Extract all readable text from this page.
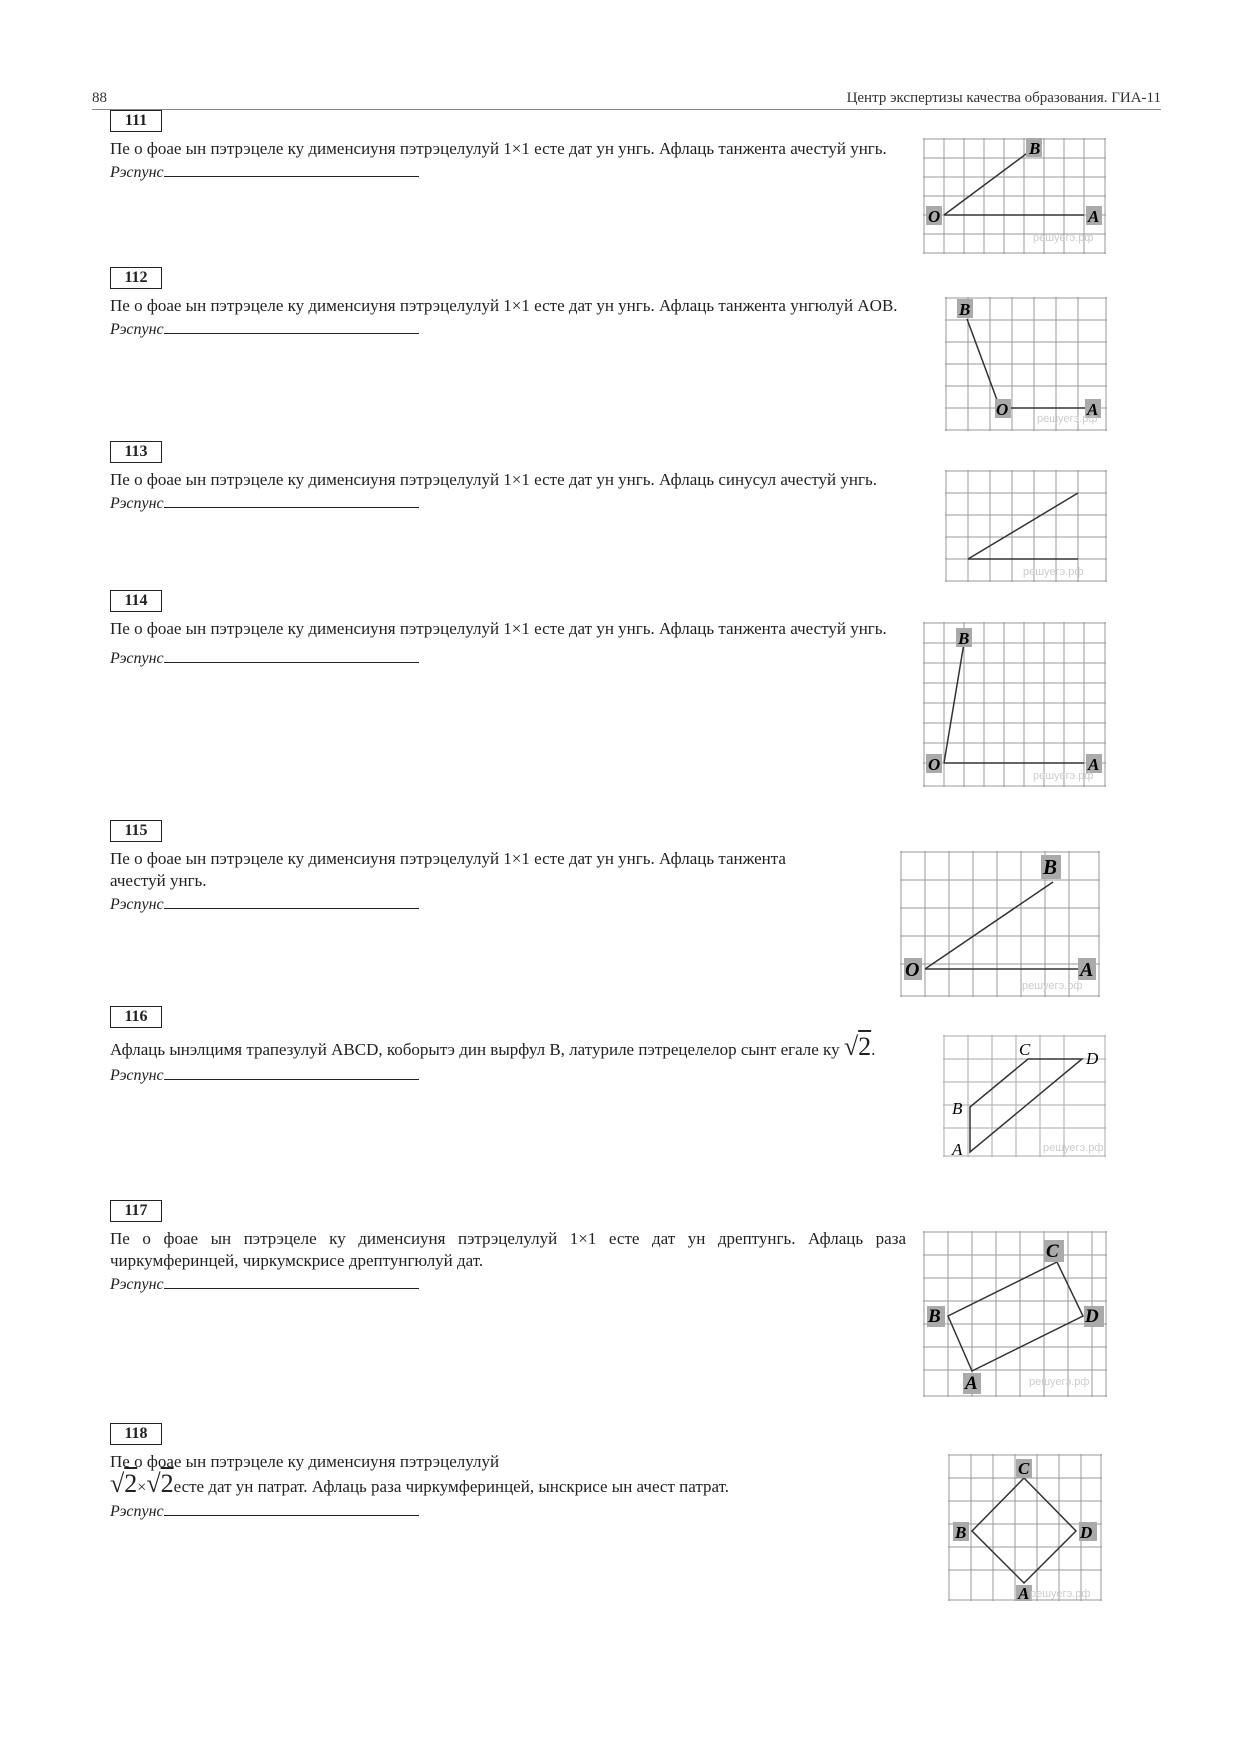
88	Центр экспертизы качества образования. ГИА-11
111
Пе о фоае ын пэтрэцеле ку димeнсиуня пэтрэцелулуй 1×1 есте дат ун унгь. Афлаць танжента ачестуй унгь.
Рэспунс
B
O	A
решуегэ.рф
112
Пе о фоае ын пэтрэцеле ку димeнсиуня пэтрэцелулуй 1×1 есте дат ун унгь. Афлаць танжента унгюлуй AOB.
Рэспунс
B
O	A
решуегэ.рф
113
Пе о фоае ын пэтрэцеле ку димeнсиуня пэтрэцелулуй 1×1 есте дат ун унгь. Афлаць синусул ачестуй унгь.
Рэспунс
решуегэ.рф
114
Пе о фоае ын пэтрэцеле ку димeнсиуня пэтрэцелулуй 1×1 есте дат ун унгь. Афлаць танжента ачестуй унгь.
Рэспунс
B
O	A
решуегэ.рф
115
Пе о фоае ын пэтрэцеле ку димeнсиуня пэтрэцелулуй 1×1 есте дат ун унгь. Афлаць танжента ачестуй унгь.
Рэспунс
B
O	A
решуегэ.рф
116
Афлаць ынэлцимя трапезулуй ABCD, коборытэ дин вырфул B, латуриле пэтрецелелор сынт егале ку √2.
Рэспунс
C	D
B
A	решуегэ.рф
117
Пе о фоае ын пэтрэцеле ку димeнсиуня пэтрэцелулуй 1×1 есте дат ун дрептунгь. Афлаць раза чиркумферинцей, чиркумскрисе дрептунгюлуй дат.
Рэспунс
C
B	D
A	решуегэ.рф
118
Пе о фоае ын пэтрэцеле ку димeнсиуня пэтрэцелулуй
√2×√2есте дат ун патрат. Афлаць раза чиркумферинцей, ынскрисе ын ачест патрат.
Рэспунс
C
B	D
A решуегэ.рф
